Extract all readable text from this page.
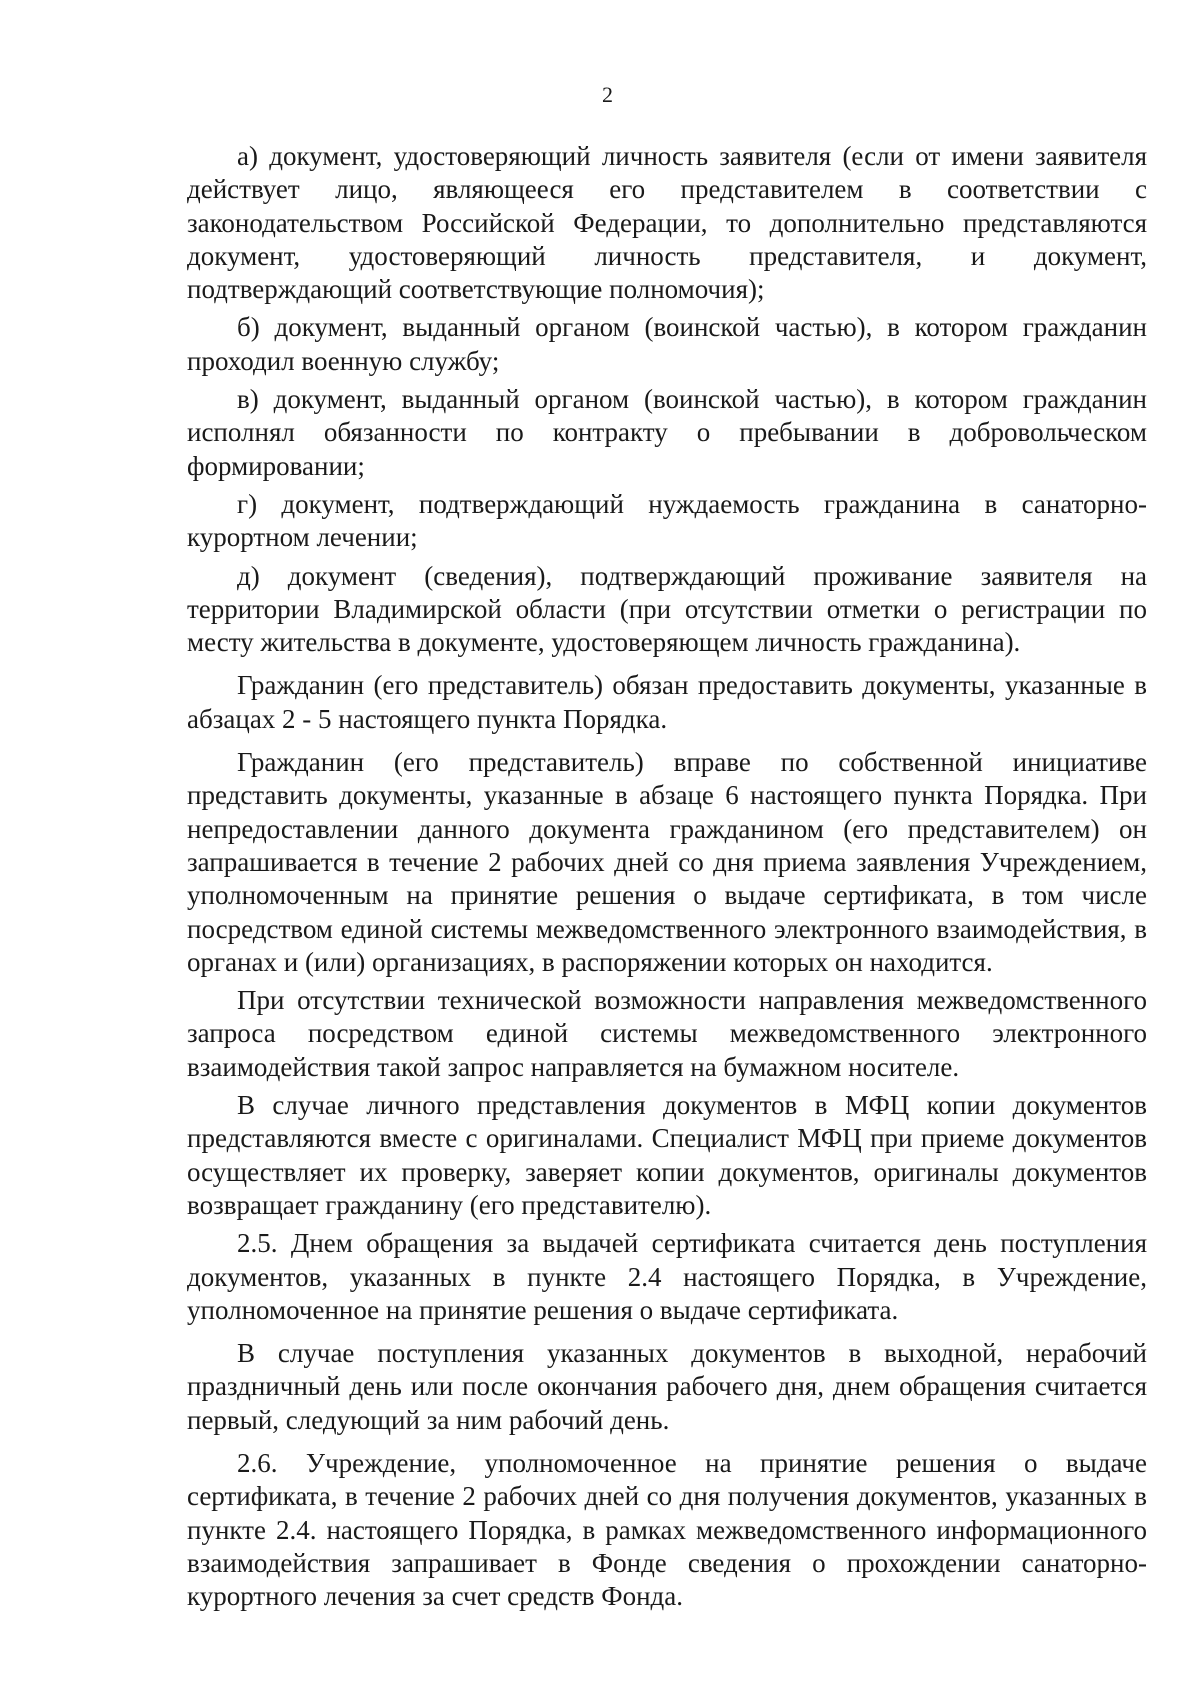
2

а) документ, удостоверяющий личность заявителя (если от имени заявителя действует лицо, являющееся его представителем в соответствии с законодательством Российской Федерации, то дополнительно представляются документ, удостоверяющий личность представителя, и документ, подтверждающий соответствующие полномочия);

б) документ, выданный органом (воинской частью), в котором гражданин проходил военную службу;

в) документ, выданный органом (воинской частью), в котором гражданин исполнял обязанности по контракту о пребывании в добровольческом формировании;

г) документ, подтверждающий нуждаемость гражданина в санаторно-курортном лечении;

д) документ (сведения), подтверждающий проживание заявителя на территории Владимирской области (при отсутствии отметки о регистрации по месту жительства в документе, удостоверяющем личность гражданина).

Гражданин (его представитель) обязан предоставить документы, указанные в абзацах 2 - 5 настоящего пункта Порядка.

Гражданин (его представитель) вправе по собственной инициативе представить документы, указанные в абзаце 6 настоящего пункта Порядка. При непредоставлении данного документа гражданином (его представителем) он запрашивается в течение 2 рабочих дней со дня приема заявления Учреждением, уполномоченным на принятие решения о выдаче сертификата, в том числе посредством единой системы межведомственного электронного взаимодействия, в органах и (или) организациях, в распоряжении которых он находится.

При отсутствии технической возможности направления межведомственного запроса посредством единой системы межведомственного электронного взаимодействия такой запрос направляется на бумажном носителе.

В случае личного представления документов в МФЦ копии документов представляются вместе с оригиналами. Специалист МФЦ при приеме документов осуществляет их проверку, заверяет копии документов, оригиналы документов возвращает гражданину (его представителю).

2.5. Днем обращения за выдачей сертификата считается день поступления документов, указанных в пункте 2.4 настоящего Порядка, в Учреждение, уполномоченное на принятие решения о выдаче сертификата.

В случае поступления указанных документов в выходной, нерабочий праздничный день или после окончания рабочего дня, днем обращения считается первый, следующий за ним рабочий день.

2.6. Учреждение, уполномоченное на принятие решения о выдаче сертификата, в течение 2 рабочих дней со дня получения документов, указанных в пункте 2.4. настоящего Порядка, в рамках межведомственного информационного взаимодействия запрашивает в Фонде сведения о прохождении санаторно-курортного лечения за счет средств Фонда.
